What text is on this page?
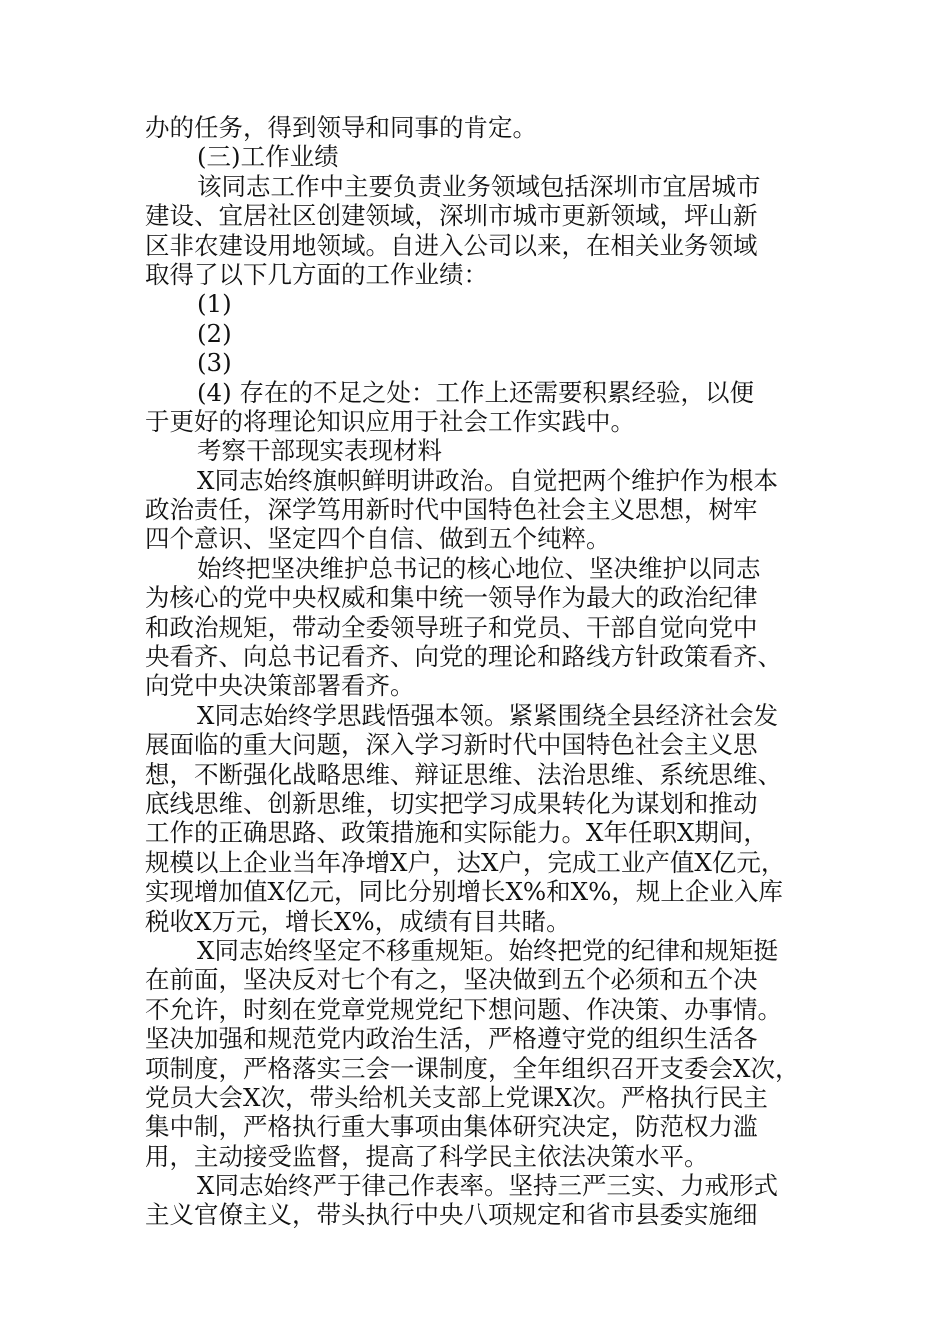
办的任务，得到领导和同事的肯定。
(三)工作业绩
该同志工作中主要负责业务领域包括深圳市宜居城市
建设、宜居社区创建领域，深圳市城市更新领域，坪山新
区非农建设用地领域。自进入公司以来，在相关业务领域
取得了以下几方面的工作业绩：
(1)
(2)
(3)
(4) 存在的不足之处：工作上还需要积累经验，以便
于更好的将理论知识应用于社会工作实践中。
考察干部现实表现材料
X同志始终旗帜鲜明讲政治。自觉把两个维护作为根本
政治责任，深学笃用新时代中国特色社会主义思想，树牢
四个意识、坚定四个自信、做到五个纯粹。
始终把坚决维护总书记的核心地位、坚决维护以同志
为核心的党中央权威和集中统一领导作为最大的政治纪律
和政治规矩，带动全委领导班子和党员、干部自觉向党中
央看齐、向总书记看齐、向党的理论和路线方针政策看齐、
向党中央决策部署看齐。
X同志始终学思践悟强本领。紧紧围绕全县经济社会发
展面临的重大问题，深入学习新时代中国特色社会主义思
想，不断强化战略思维、辩证思维、法治思维、系统思维、
底线思维、创新思维，切实把学习成果转化为谋划和推动
工作的正确思路、政策措施和实际能力。X年任职X期间，
规模以上企业当年净增X户，达X户，完成工业产值X亿元，
实现增加值X亿元，同比分别增长X%和X%，规上企业入库
税收X万元，增长X%，成绩有目共睹。
X同志始终坚定不移重规矩。始终把党的纪律和规矩挺
在前面，坚决反对七个有之，坚决做到五个必须和五个决
不允许，时刻在党章党规党纪下想问题、作决策、办事情。
坚决加强和规范党内政治生活，严格遵守党的组织生活各
项制度，严格落实三会一课制度，全年组织召开支委会X次，
党员大会X次，带头给机关支部上党课X次。严格执行民主
集中制，严格执行重大事项由集体研究决定，防范权力滥
用，主动接受监督，提高了科学民主依法决策水平。
X同志始终严于律己作表率。坚持三严三实、力戒形式
主义官僚主义，带头执行中央八项规定和省市县委实施细
